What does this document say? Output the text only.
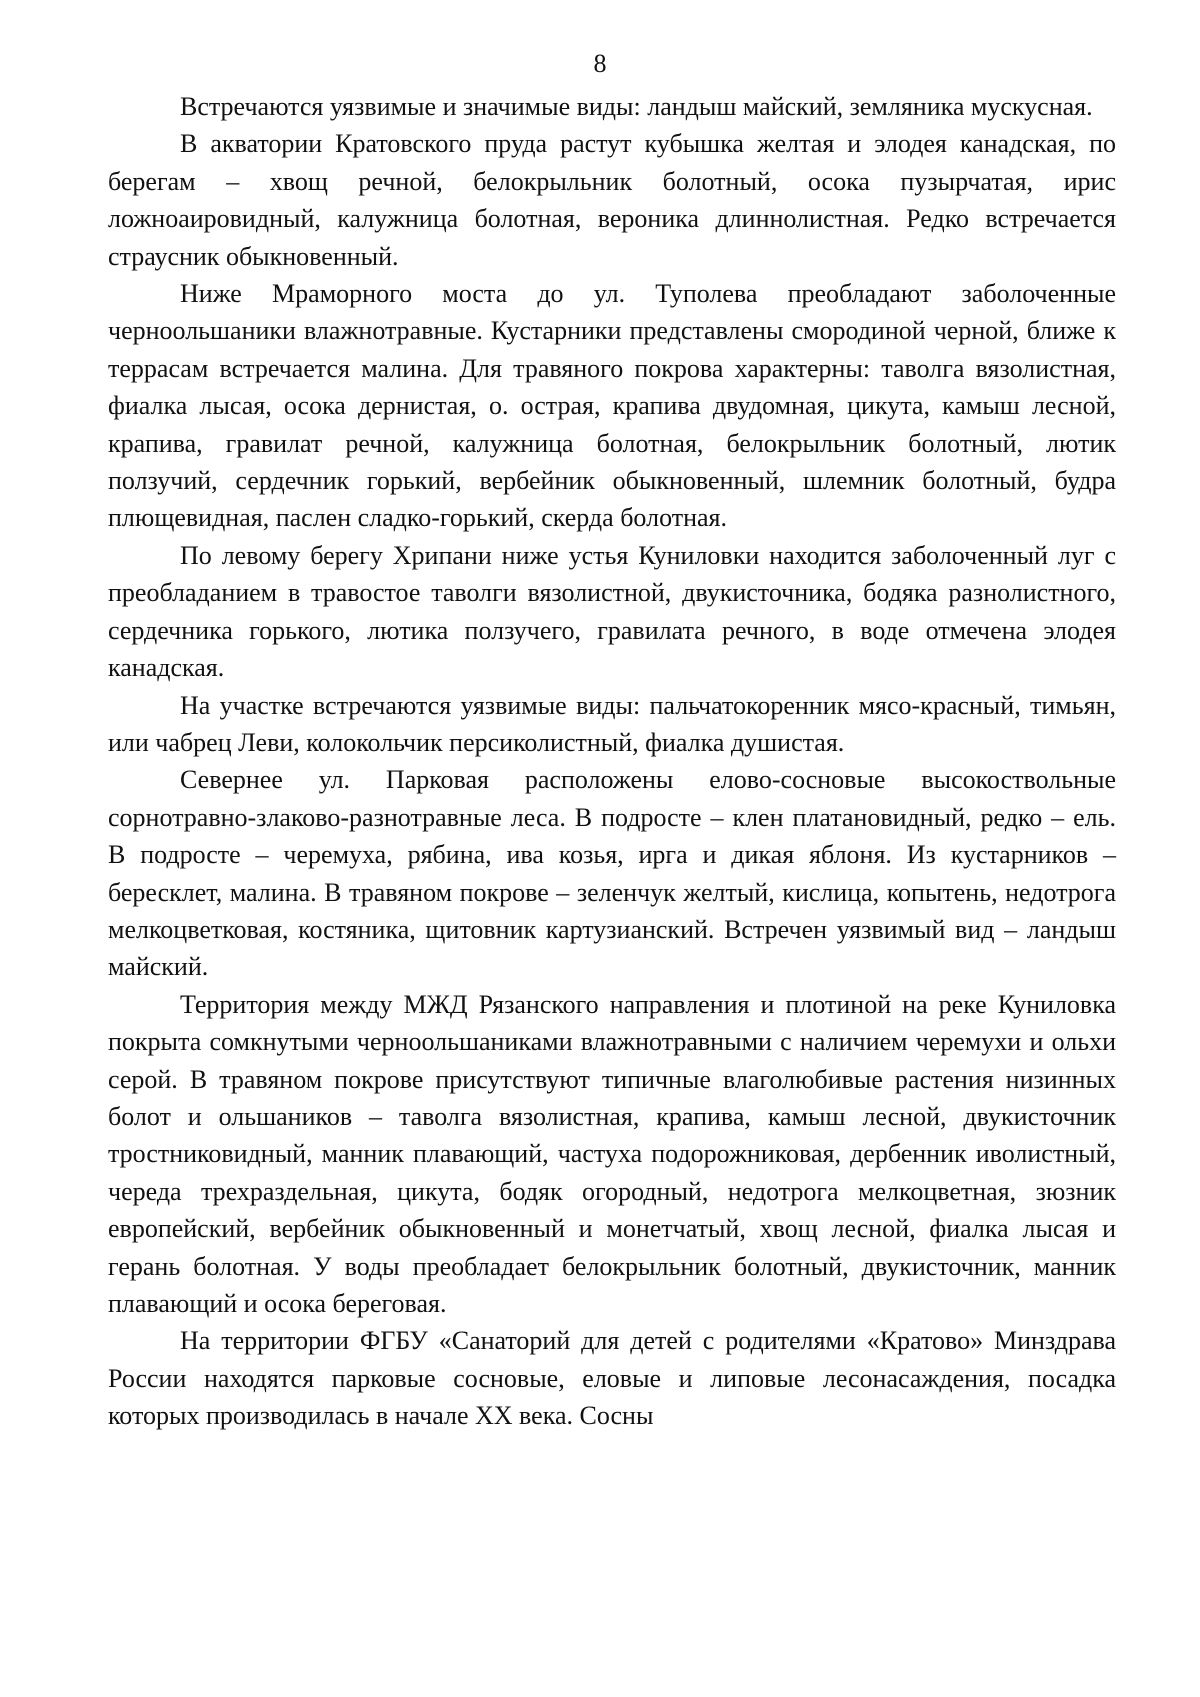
8

Встречаются уязвимые и значимые виды: ландыш майский, земляника мускусная.

В акватории Кратовского пруда растут кубышка желтая и элодея канадская, по берегам – хвощ речной, белокрыльник болотный, осока пузырчатая, ирис ложноаировидный, калужница болотная, вероника длиннолистная. Редко встречается страусник обыкновенный.

Ниже Мраморного моста до ул. Туполева преобладают заболоченные черноольшаники влажнотравные. Кустарники представлены смородиной черной, ближе к террасам встречается малина. Для травяного покрова характерны: таволга вязолистная, фиалка лысая, осока дернистая, о. острая, крапива двудомная, цикута, камыш лесной, крапива, гравилат речной, калужница болотная, белокрыльник болотный, лютик ползучий, сердечник горький, вербейник обыкновенный, шлемник болотный, будра плющевидная, паслен сладко-горький, скерда болотная.

По левому берегу Хрипани ниже устья Куниловки находится заболоченный луг с преобладанием в травостое таволги вязолистной, двукисточника, бодяка разнолистного, сердечника горького, лютика ползучего, гравилата речного, в воде отмечена элодея канадская.

На участке встречаются уязвимые виды: пальчатокоренник мясо-красный, тимьян, или чабрец Леви, колокольчик персиколистный, фиалка душистая.

Севернее ул. Парковая расположены елово-сосновые высокоствольные сорнотравно-злаково-разнотравные леса. В подросте – клен платановидный, редко – ель. В подросте – черемуха, рябина, ива козья, ирга и дикая яблоня. Из кустарников – бересклет, малина. В травяном покрове – зеленчук желтый, кислица, копытень, недотрога мелкоцветковая, костяника, щитовник картузианский. Встречен уязвимый вид – ландыш майский.

Территория между МЖД Рязанского направления и плотиной на реке Куниловка покрыта сомкнутыми черноольшаниками влажнотравными с наличием черемухи и ольхи серой. В травяном покрове присутствуют типичные влаголюбивые растения низинных болот и ольшаников – таволга вязолистная, крапива, камыш лесной, двукисточник тростниковидный, манник плавающий, частуха подорожниковая, дербенник иволистный, череда трехраздельная, цикута, бодяк огородный, недотрога мелкоцветная, зюзник европейский, вербейник обыкновенный и монетчатый, хвощ лесной, фиалка лысая и герань болотная. У воды преобладает белокрыльник болотный, двукисточник, манник плавающий и осока береговая.

На территории ФГБУ «Санаторий для детей с родителями «Кратово» Минздрава России находятся парковые сосновые, еловые и липовые лесонасаждения, посадка которых производилась в начале XX века. Сосны
